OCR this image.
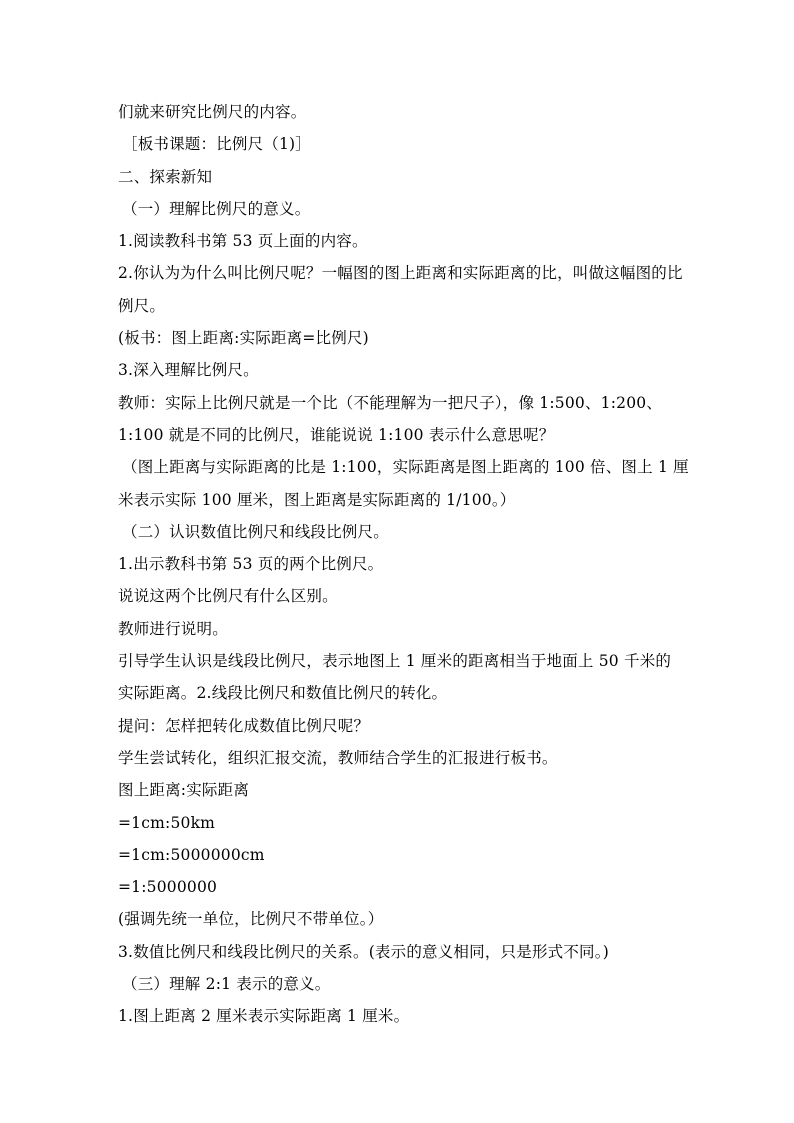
们就来研究比例尺的内容。
［板书课题：比例尺（1)］
二、探索新知
（一）理解比例尺的意义。
1.阅读教科书第 53 页上面的内容。
2.你认为为什么叫比例尺呢？一幅图的图上距离和实际距离的比，叫做这幅图的比
例尺。
(板书：图上距离:实际距离=比例尺)
3.深入理解比例尺。
教师：实际上比例尺就是一个比（不能理解为一把尺子），像 1:500、1:200、
1:100 就是不同的比例尺，谁能说说 1:100 表示什么意思呢？
（图上距离与实际距离的比是 1:100，实际距离是图上距离的 100 倍、图上 1 厘
米表示实际 100 厘米，图上距离是实际距离的 1/100。）
（二）认识数值比例尺和线段比例尺。
1.出示教科书第 53 页的两个比例尺。
说说这两个比例尺有什么区别。
教师进行说明。
引导学生认识是线段比例尺，表示地图上 1 厘米的距离相当于地面上 50 千米的
实际距离。2.线段比例尺和数值比例尺的转化。
提问：怎样把转化成数值比例尺呢？
学生尝试转化，组织汇报交流，教师结合学生的汇报进行板书。
图上距离:实际距离
=1cm:50km
=1cm:5000000cm
=1:5000000
(强调先统一单位，比例尺不带单位。）
3.数值比例尺和线段比例尺的关系。(表示的意义相同，只是形式不同。)
（三）理解 2:1 表示的意义。
1.图上距离 2 厘米表示实际距离 1 厘米。
